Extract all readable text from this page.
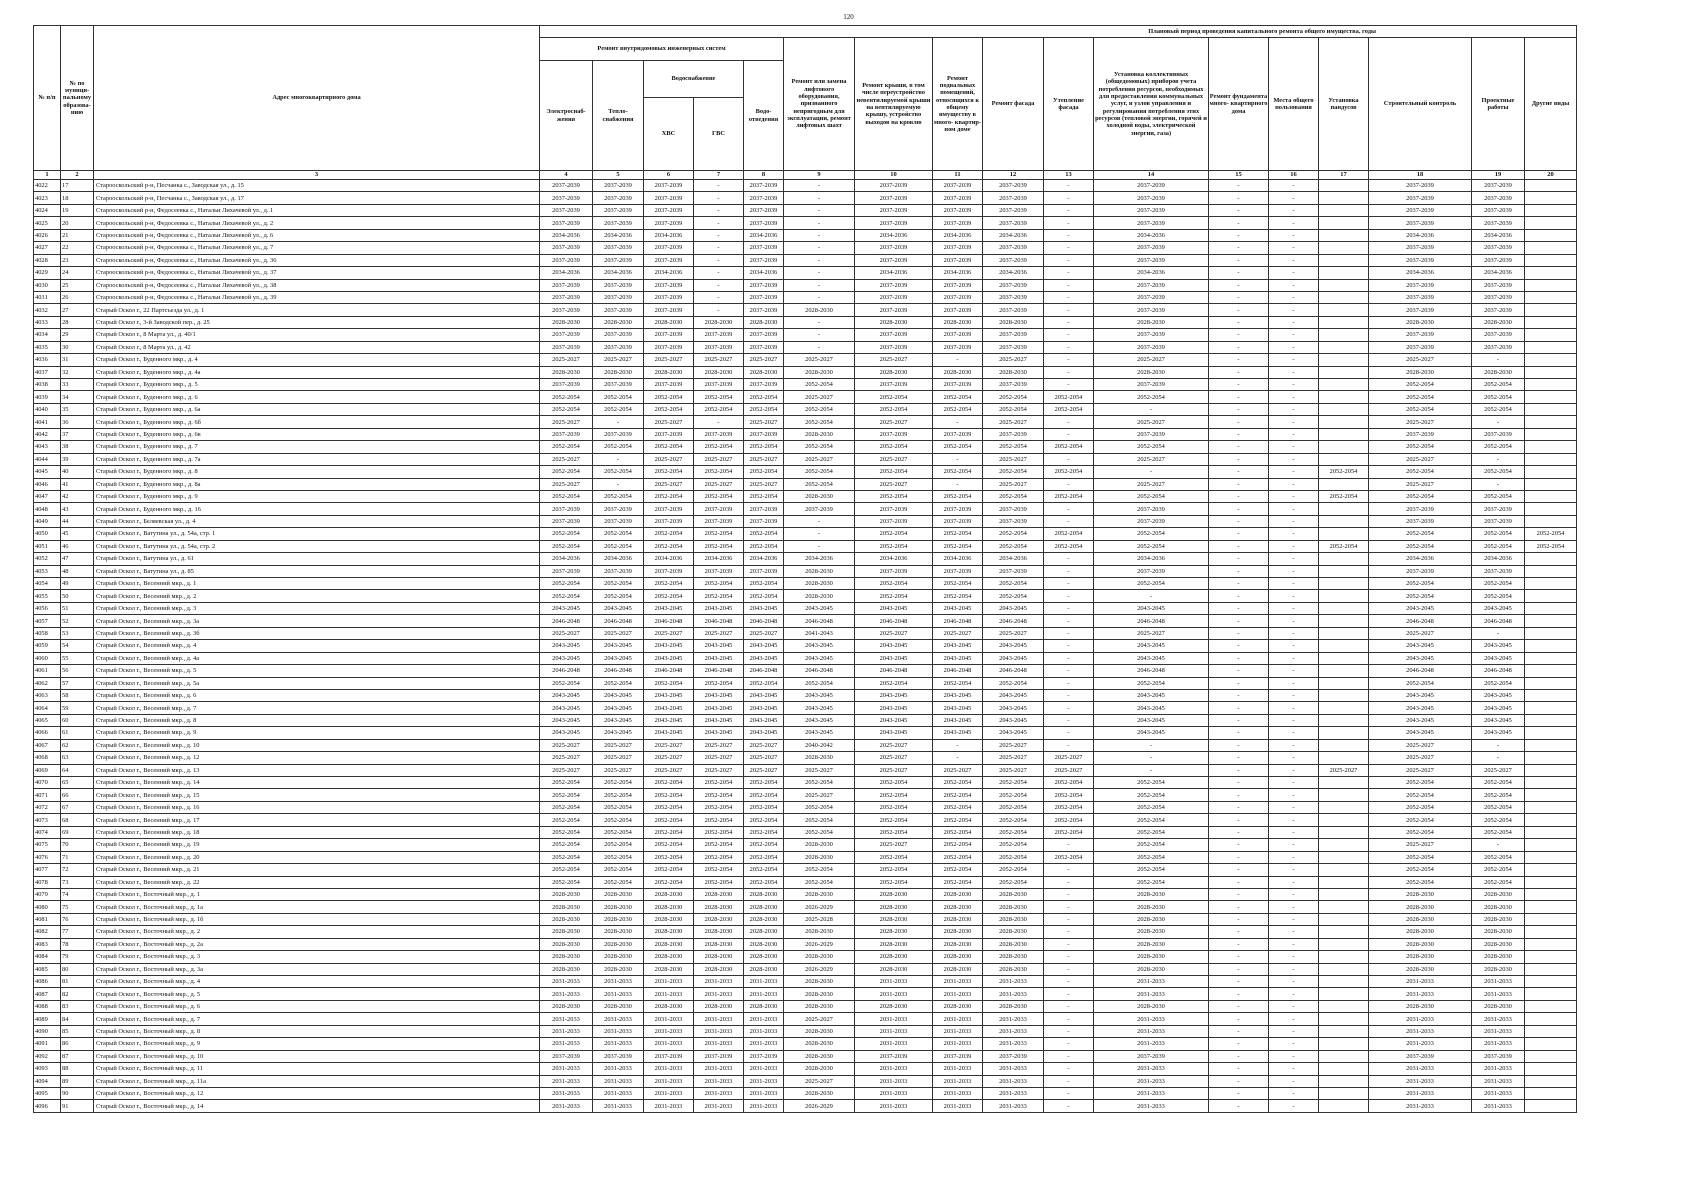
120
№ п/п	№ по муници- пальному образова- нию	Адрес многоквартирного дома	Плановый период проведения капитального ремонта общего имущества, годы																
			Ремонт внутридомовых инженерных систем					Ремонт или замена лифтового оборудования, признанного непригодным для эксплуатации, ремонт лифтовых шахт	Ремонт крыши, в том числе переустройство невентилируемой крыши на вентилируемую крышу, устройство выходов на кровлю	Ремонт подвальных помещений, относящихся к общему имуществу в много- квартир- ном доме	Ремонт фасада	Утепление фасада	Установка коллективных (общедомовых) приборов учета потребления ресурсов, необходимых для предоставления коммунальных услуг, и узлов управления и регулирования потребления этих ресурсов (тепловой энергии, горячей и холодной воды, электрической энергии, газа)	Ремонт фундамента много- квартирного дома	Места общего пользования	Установка пандусов	Строительный контроль	Проектные работы	Другие виды
			Электроснаб- жения	Тепло- снабжения	Водоснабжение		Водо- отведения												
					ХВС	ГВС													
1	2	3	4	5	6	7	8	9	10	11	12	13	14	15	16	17	18	19	20
4022	17	Старооскольский р-н, Песчанка с., Заводская ул., д. 15	2037-2039	2037-2039	2037-2039	-	2037-2039	-	2037-2039	2037-2039	2037-2039	-	2037-2039	-	-		2037-2039	2037-2039	
4023	18	Старооскольский р-н, Песчанка с., Заводская ул., д. 17	2037-2039	2037-2039	2037-2039	-	2037-2039	-	2037-2039	2037-2039	2037-2039	-	2037-2039	-	-		2037-2039	2037-2039	
4024	19	Старооскольский р-н, Федосеевка с., Натальи Лихачевой ул., д. 1	2037-2039	2037-2039	2037-2039	-	2037-2039	-	2037-2039	2037-2039	2037-2039	-	2037-2039	-	-		2037-2039	2037-2039	
4025	20	Старооскольский р-н, Федосеевка с., Натальи Лихачевой ул., д. 2	2037-2039	2037-2039	2037-2039	-	2037-2039	-	2037-2039	2037-2039	2037-2039	-	2037-2039	-	-		2037-2039	2037-2039	
4026	21	Старооскольский р-н, Федосеевка с., Натальи Лихачевой ул., д. 6	2034-2036	2034-2036	2034-2036	-	2034-2036	-	2034-2036	2034-2036	2034-2036	-	2034-2036	-	-		2034-2036	2034-2036	
4027	22	Старооскольский р-н, Федосеевка с., Натальи Лихачевой ул., д. 7	2037-2039	2037-2039	2037-2039	-	2037-2039	-	2037-2039	2037-2039	2037-2039	-	2037-2039	-	-		2037-2039	2037-2039	
4028	23	Старооскольский р-н, Федосеевка с., Натальи Лихачевой ул., д. 36	2037-2039	2037-2039	2037-2039	-	2037-2039	-	2037-2039	2037-2039	2037-2039	-	2037-2039	-	-		2037-2039	2037-2039	
4029	24	Старооскольский р-н, Федосеевка с., Натальи Лихачевой ул., д. 37	2034-2036	2034-2036	2034-2036	-	2034-2036	-	2034-2036	2034-2036	2034-2036	-	2034-2036	-	-		2034-2036	2034-2036	
4030	25	Старооскольский р-н, Федосеевка с., Натальи Лихачевой ул., д. 38	2037-2039	2037-2039	2037-2039	-	2037-2039	-	2037-2039	2037-2039	2037-2039	-	2037-2039	-	-		2037-2039	2037-2039	
4031	26	Старооскольский р-н, Федосеевка с., Натальи Лихачевой ул., д. 39	2037-2039	2037-2039	2037-2039	-	2037-2039	-	2037-2039	2037-2039	2037-2039	-	2037-2039	-	-		2037-2039	2037-2039	
4032	27	Старый Оскол г., 22 Партсъезда ул., д. 1	2037-2039	2037-2039	2037-2039	-	2037-2039	2028-2030	2037-2039	2037-2039	2037-2039	-	2037-2039	-	-		2037-2039	2037-2039	
4033	28	Старый Оскол г., 3-й Заводской пер., д. 25	2028-2030	2028-2030	2028-2030	2028-2030	2028-2030	-	2028-2030	2028-2030	2028-2030	-	2028-2030	-	-		2028-2030	2028-2030	
4034	29	Старый Оскол г., 8 Марта ул., д. 40/1	2037-2039	2037-2039	2037-2039	2037-2039	2037-2039	-	2037-2039	2037-2039	2037-2039	-	2037-2039	-	-		2037-2039	2037-2039	
4035	30	Старый Оскол г., 8 Марта ул., д. 42	2037-2039	2037-2039	2037-2039	2037-2039	2037-2039	-	2037-2039	2037-2039	2037-2039	-	2037-2039	-	-		2037-2039	2037-2039	
4036	31	Старый Оскол г., Буденного мкр., д. 4	2025-2027	2025-2027	2025-2027	2025-2027	2025-2027	2025-2027	2025-2027	-	2025-2027	-	2025-2027	-	-		2025-2027	-	
4037	32	Старый Оскол г., Буденного мкр., д. 4а	2028-2030	2028-2030	2028-2030	2028-2030	2028-2030	2028-2030	2028-2030	2028-2030	2028-2030	-	2028-2030	-	-		2028-2030	2028-2030	
4038	33	Старый Оскол г., Буденного мкр., д. 5	2037-2039	2037-2039	2037-2039	2037-2039	2037-2039	2052-2054	2037-2039	2037-2039	2037-2039	-	2037-2039	-	-		2052-2054	2052-2054	
4039	34	Старый Оскол г., Буденного мкр., д. 6	2052-2054	2052-2054	2052-2054	2052-2054	2052-2054	2025-2027	2052-2054	2052-2054	2052-2054	2052-2054	2052-2054	-	-		2052-2054	2052-2054	
4040	35	Старый Оскол г., Буденного мкр., д. 6а	2052-2054	2052-2054	2052-2054	2052-2054	2052-2054	2052-2054	2052-2054	2052-2054	2052-2054	2052-2054	-	-	-		2052-2054	2052-2054	
4041	36	Старый Оскол г., Буденного мкр., д. 6б	2025-2027	-	2025-2027	-	2025-2027	2052-2054	2025-2027	-	2025-2027	-	2025-2027	-	-		2025-2027	-	
4042	37	Старый Оскол г., Буденного мкр., д. 6в	2037-2039	2037-2039	2037-2039	2037-2039	2037-2039	2028-2030	2037-2039	2037-2039	2037-2039	-	2037-2039	-	-		2037-2039	2037-2039	
4043	38	Старый Оскол г., Буденного мкр., д. 7	2052-2054	2052-2054	2052-2054	2052-2054	2052-2054	2052-2054	2052-2054	2052-2054	2052-2054	2052-2054	2052-2054	-	-		2052-2054	2052-2054	
4044	39	Старый Оскол г., Буденного мкр., д. 7а	2025-2027	-	2025-2027	2025-2027	2025-2027	2025-2027	2025-2027	-	2025-2027	-	2025-2027	-	-		2025-2027	-	
4045	40	Старый Оскол г., Буденного мкр., д. 8	2052-2054	2052-2054	2052-2054	2052-2054	2052-2054	2052-2054	2052-2054	2052-2054	2052-2054	2052-2054	-	-	-	2052-2054	2052-2054	2052-2054	
4046	41	Старый Оскол г., Буденного мкр., д. 8а	2025-2027	-	2025-2027	2025-2027	2025-2027	2052-2054	2025-2027	-	2025-2027	-	2025-2027	-	-		2025-2027	-	
4047	42	Старый Оскол г., Буденного мкр., д. 9	2052-2054	2052-2054	2052-2054	2052-2054	2052-2054	2028-2030	2052-2054	2052-2054	2052-2054	2052-2054	2052-2054	-	-	2052-2054	2052-2054	2052-2054	
4048	43	Старый Оскол г., Буденного мкр., д. 16	2037-2039	2037-2039	2037-2039	2037-2039	2037-2039	2037-2039	2037-2039	2037-2039	2037-2039	-	2037-2039	-	-		2037-2039	2037-2039	
4049	44	Старый Оскол г., Беляевская ул., д. 4	2037-2039	2037-2039	2037-2039	2037-2039	2037-2039	-	2037-2039	2037-2039	2037-2039	-	2037-2039	-	-		2037-2039	2037-2039	
4050	45	Старый Оскол г., Ватутина ул., д. 54а, стр. 1	2052-2054	2052-2054	2052-2054	2052-2054	2052-2054	-	2052-2054	2052-2054	2052-2054	2052-2054	2052-2054	-	-		2052-2054	2052-2054	2052-2054
4051	46	Старый Оскол г., Ватутина ул., д. 54а, стр. 2	2052-2054	2052-2054	2052-2054	2052-2054	2052-2054	-	2052-2054	2052-2054	2052-2054	2052-2054	2052-2054	-	-	2052-2054	2052-2054	2052-2054	2052-2054
4052	47	Старый Оскол г., Ватутина ул., д. 61	2034-2036	2034-2036	2034-2036	2034-2036	2034-2036	2034-2036	2034-2036	2034-2036	2034-2036	-	2034-2036	-	-		2034-2036	2034-2036	
4053	48	Старый Оскол г., Ватутина ул., д. 85	2037-2039	2037-2039	2037-2039	2037-2039	2037-2039	2028-2030	2037-2039	2037-2039	2037-2039	-	2037-2039	-	-		2037-2039	2037-2039	
4054	49	Старый Оскол г., Весенний мкр., д. 1	2052-2054	2052-2054	2052-2054	2052-2054	2052-2054	2028-2030	2052-2054	2052-2054	2052-2054	-	2052-2054	-	-		2052-2054	2052-2054	
4055	50	Старый Оскол г., Весенний мкр., д. 2	2052-2054	2052-2054	2052-2054	2052-2054	2052-2054	2028-2030	2052-2054	2052-2054	2052-2054	-	-	-	-		2052-2054	2052-2054	
4056	51	Старый Оскол г., Весенний мкр., д. 3	2043-2045	2043-2045	2043-2045	2043-2045	2043-2045	2043-2045	2043-2045	2043-2045	2043-2045	-	2043-2045	-	-		2043-2045	2043-2045	
4057	52	Старый Оскол г., Весенний мкр., д. 3а	2046-2048	2046-2048	2046-2048	2046-2048	2046-2048	2046-2048	2046-2048	2046-2048	2046-2048	-	2046-2048	-	-		2046-2048	2046-2048	
4058	53	Старый Оскол г., Весенний мкр., д. 3б	2025-2027	2025-2027	2025-2027	2025-2027	2025-2027	2041-2043	2025-2027	2025-2027	2025-2027	-	2025-2027	-	-		2025-2027	-	
4059	54	Старый Оскол г., Весенний мкр., д. 4	2043-2045	2043-2045	2043-2045	2043-2045	2043-2045	2043-2045	2043-2045	2043-2045	2043-2045	-	2043-2045	-	-		2043-2045	2043-2045	
4060	55	Старый Оскол г., Весенний мкр., д. 4а	2043-2045	2043-2045	2043-2045	2043-2045	2043-2045	2043-2045	2043-2045	2043-2045	2043-2045	-	2043-2045	-	-		2043-2045	2043-2045	
4061	56	Старый Оскол г., Весенний мкр., д. 5	2046-2048	2046-2048	2046-2048	2046-2048	2046-2048	2046-2048	2046-2048	2046-2048	2046-2048	-	2046-2048	-	-		2046-2048	2046-2048	
4062	57	Старый Оскол г., Весенний мкр., д. 5а	2052-2054	2052-2054	2052-2054	2052-2054	2052-2054	2052-2054	2052-2054	2052-2054	2052-2054	-	2052-2054	-	-		2052-2054	2052-2054	
4063	58	Старый Оскол г., Весенний мкр., д. 6	2043-2045	2043-2045	2043-2045	2043-2045	2043-2045	2043-2045	2043-2045	2043-2045	2043-2045	-	2043-2045	-	-		2043-2045	2043-2045	
4064	59	Старый Оскол г., Весенний мкр., д. 7	2043-2045	2043-2045	2043-2045	2043-2045	2043-2045	2043-2045	2043-2045	2043-2045	2043-2045	-	2043-2045	-	-		2043-2045	2043-2045	
4065	60	Старый Оскол г., Весенний мкр., д. 8	2043-2045	2043-2045	2043-2045	2043-2045	2043-2045	2043-2045	2043-2045	2043-2045	2043-2045	-	2043-2045	-	-		2043-2045	2043-2045	
4066	61	Старый Оскол г., Весенний мкр., д. 9	2043-2045	2043-2045	2043-2045	2043-2045	2043-2045	2043-2045	2043-2045	2043-2045	2043-2045	-	2043-2045	-	-		2043-2045	2043-2045	
4067	62	Старый Оскол г., Весенний мкр., д. 10	2025-2027	2025-2027	2025-2027	2025-2027	2025-2027	2040-2042	2025-2027	-	2025-2027	-	-	-	-		2025-2027	-	
4068	63	Старый Оскол г., Весенний мкр., д. 12	2025-2027	2025-2027	2025-2027	2025-2027	2025-2027	2028-2030	2025-2027	-	2025-2027	2025-2027	-	-	-		2025-2027	-	
4069	64	Старый Оскол г., Весенний мкр., д. 13	2025-2027	2025-2027	2025-2027	2025-2027	2025-2027	2025-2027	2025-2027	2025-2027	2025-2027	2025-2027	-	-	-	2025-2027	2025-2027	2025-2027	
4070	65	Старый Оскол г., Весенний мкр., д. 14	2052-2054	2052-2054	2052-2054	2052-2054	2052-2054	2052-2054	2052-2054	2052-2054	2052-2054	2052-2054	2052-2054	-	-		2052-2054	2052-2054	
4071	66	Старый Оскол г., Весенний мкр., д. 15	2052-2054	2052-2054	2052-2054	2052-2054	2052-2054	2025-2027	2052-2054	2052-2054	2052-2054	2052-2054	2052-2054	-	-		2052-2054	2052-2054	
4072	67	Старый Оскол г., Весенний мкр., д. 16	2052-2054	2052-2054	2052-2054	2052-2054	2052-2054	2052-2054	2052-2054	2052-2054	2052-2054	2052-2054	2052-2054	-	-		2052-2054	2052-2054	
4073	68	Старый Оскол г., Весенний мкр., д. 17	2052-2054	2052-2054	2052-2054	2052-2054	2052-2054	2052-2054	2052-2054	2052-2054	2052-2054	2052-2054	2052-2054	-	-		2052-2054	2052-2054	
4074	69	Старый Оскол г., Весенний мкр., д. 18	2052-2054	2052-2054	2052-2054	2052-2054	2052-2054	2052-2054	2052-2054	2052-2054	2052-2054	2052-2054	2052-2054	-	-		2052-2054	2052-2054	
4075	70	Старый Оскол г., Весенний мкр., д. 19	2052-2054	2052-2054	2052-2054	2052-2054	2052-2054	2028-2030	2025-2027	2052-2054	2052-2054	-	2052-2054	-	-		2025-2027	-	
4076	71	Старый Оскол г., Весенний мкр., д. 20	2052-2054	2052-2054	2052-2054	2052-2054	2052-2054	2028-2030	2052-2054	2052-2054	2052-2054	2052-2054	2052-2054	-	-		2052-2054	2052-2054	
4077	72	Старый Оскол г., Весенний мкр., д. 21	2052-2054	2052-2054	2052-2054	2052-2054	2052-2054	2052-2054	2052-2054	2052-2054	2052-2054	-	2052-2054	-	-		2052-2054	2052-2054	
4078	73	Старый Оскол г., Весенний мкр., д. 22	2052-2054	2052-2054	2052-2054	2052-2054	2052-2054	2052-2054	2052-2054	2052-2054	2052-2054	-	2052-2054	-	-		2052-2054	2052-2054	
4079	74	Старый Оскол г., Восточный мкр., д. 1	2028-2030	2028-2030	2028-2030	2028-2030	2028-2030	2028-2030	2028-2030	2028-2030	2028-2030	-	2028-2030	-	-		2028-2030	2028-2030	
4080	75	Старый Оскол г., Восточный мкр., д. 1а	2028-2030	2028-2030	2028-2030	2028-2030	2028-2030	2026-2029	2028-2030	2028-2030	2028-2030	-	2028-2030	-	-		2028-2030	2028-2030	
4081	76	Старый Оскол г., Восточный мкр., д. 1б	2028-2030	2028-2030	2028-2030	2028-2030	2028-2030	2025-2028	2028-2030	2028-2030	2028-2030	-	2028-2030	-	-		2028-2030	2028-2030	
4082	77	Старый Оскол г., Восточный мкр., д. 2	2028-2030	2028-2030	2028-2030	2028-2030	2028-2030	2028-2030	2028-2030	2028-2030	2028-2030	-	2028-2030	-	-		2028-2030	2028-2030	
4083	78	Старый Оскол г., Восточный мкр., д. 2а	2028-2030	2028-2030	2028-2030	2028-2030	2028-2030	2026-2029	2028-2030	2028-2030	2028-2030	-	2028-2030	-	-		2028-2030	2028-2030	
4084	79	Старый Оскол г., Восточный мкр., д. 3	2028-2030	2028-2030	2028-2030	2028-2030	2028-2030	2028-2030	2028-2030	2028-2030	2028-2030	-	2028-2030	-	-		2028-2030	2028-2030	
4085	80	Старый Оскол г., Восточный мкр., д. 3а	2028-2030	2028-2030	2028-2030	2028-2030	2028-2030	2026-2029	2028-2030	2028-2030	2028-2030	-	2028-2030	-	-		2028-2030	2028-2030	
4086	81	Старый Оскол г., Восточный мкр., д. 4	2031-2033	2031-2033	2031-2033	2031-2033	2031-2033	2028-2030	2031-2033	2031-2033	2031-2033	-	2031-2033	-	-		2031-2033	2031-2033	
4087	82	Старый Оскол г., Восточный мкр., д. 5	2031-2033	2031-2033	2031-2033	2031-2033	2031-2033	2028-2030	2031-2033	2031-2033	2031-2033	-	2031-2033	-	-		2031-2033	2031-2033	
4088	83	Старый Оскол г., Восточный мкр., д. 6	2028-2030	2028-2030	2028-2030	2028-2030	2028-2030	2028-2030	2028-2030	2028-2030	2028-2030	-	2028-2030	-	-		2028-2030	2028-2030	
4089	84	Старый Оскол г., Восточный мкр., д. 7	2031-2033	2031-2033	2031-2033	2031-2033	2031-2033	2025-2027	2031-2033	2031-2033	2031-2033	-	2031-2033	-	-		2031-2033	2031-2033	
4090	85	Старый Оскол г., Восточный мкр., д. 8	2031-2033	2031-2033	2031-2033	2031-2033	2031-2033	2028-2030	2031-2033	2031-2033	2031-2033	-	2031-2033	-	-		2031-2033	2031-2033	
4091	86	Старый Оскол г., Восточный мкр., д. 9	2031-2033	2031-2033	2031-2033	2031-2033	2031-2033	2028-2030	2031-2033	2031-2033	2031-2033	-	2031-2033	-	-		2031-2033	2031-2033	
4092	87	Старый Оскол г., Восточный мкр., д. 10	2037-2039	2037-2039	2037-2039	2037-2039	2037-2039	2028-2030	2037-2039	2037-2039	2037-2039	-	2037-2039	-	-		2037-2039	2037-2039	
4093	88	Старый Оскол г., Восточный мкр., д. 11	2031-2033	2031-2033	2031-2033	2031-2033	2031-2033	2028-2030	2031-2033	2031-2033	2031-2033	-	2031-2033	-	-		2031-2033	2031-2033	
4094	89	Старый Оскол г., Восточный мкр., д. 11а	2031-2033	2031-2033	2031-2033	2031-2033	2031-2033	2025-2027	2031-2033	2031-2033	2031-2033	-	2031-2033	-	-		2031-2033	2031-2033	
4095	90	Старый Оскол г., Восточный мкр., д. 12	2031-2033	2031-2033	2031-2033	2031-2033	2031-2033	2028-2030	2031-2033	2031-2033	2031-2033	-	2031-2033	-	-		2031-2033	2031-2033	
4096	91	Старый Оскол г., Восточный мкр., д. 14	2031-2033	2031-2033	2031-2033	2031-2033	2031-2033	2026-2029	2031-2033	2031-2033	2031-2033	-	2031-2033	-	-		2031-2033	2031-2033	
